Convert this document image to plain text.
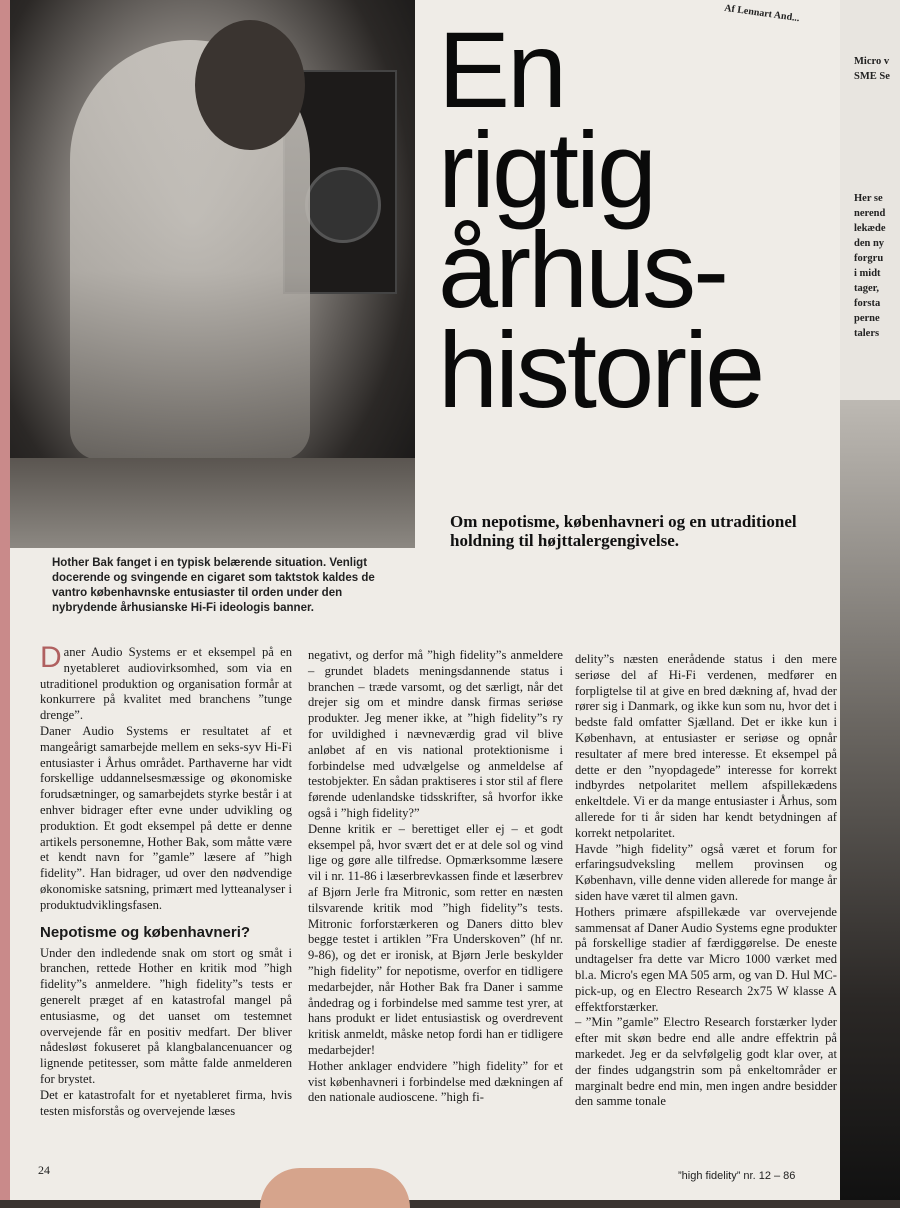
Af Lennart And...
En
rigtig
århus-
historie
Om nepotisme, københavneri og en utraditionel holdning til højttalergengivelse.
Hother Bak fanget i en typisk belærende situation. Venligt docerende og svingende en cigaret som taktstok kaldes de vantro københavnske entusiaster til orden under den nybrydende århusianske Hi-Fi ideologis banner.

Daner Audio Systems er et eksempel på en nyetableret audiovirksomhed, som via en utraditionel produktion og organisation formår at konkurrere på kvalitet med branchens ”tunge drenge”.

Daner Audio Systems er resultatet af et mangeårigt samarbejde mellem en seks-syv Hi-Fi entusiaster i Århus området. Parthaverne har vidt forskellige uddannelsesmæssige og økonomiske forudsætninger, og samarbejdets styrke består i at enhver bidrager efter evne under udvikling og produktion. Et godt eksempel på dette er denne artikels personemne, Hother Bak, som måtte være et kendt navn for ”gamle” læsere af ”high fidelity”. Han bidrager, ud over den nødvendige økonomiske satsning, primært med lytteanalyser i produktudviklingsfasen.

Nepotisme og københavneri?

Under den indledende snak om stort og småt i branchen, rettede Hother en kritik mod ”high fidelity”s anmeldere. ”high fidelity”s tests er generelt præget af en katastrofal mangel på entusiasme, og det uanset om testemnet overvejende får en positiv medfart. Der bliver nådesløst fokuseret på klangbalancenuancer og lignende petitesser, som måtte falde anmelderen for brystet.

Det er katastrofalt for et nyetableret firma, hvis testen misforstås og overvejende læses

negativt, og derfor må ”high fidelity”s anmeldere – grundet bladets meningsdannende status i branchen – træde varsomt, og det særligt, når det drejer sig om et mindre dansk firmas seriøse produkter. Jeg mener ikke, at ”high fidelity”s ry for uvildighed i nævneværdig grad vil blive anløbet af en vis national protektionisme i forbindelse med udvælgelse og anmeldelse af testobjekter. En sådan praktiseres i stor stil af flere førende udenlandske tidsskrifter, så hvorfor ikke også i ”high fidelity?”

Denne kritik er – berettiget eller ej – et godt eksempel på, hvor svært det er at dele sol og vind lige og gøre alle tilfredse. Opmærksomme læsere vil i nr. 11-86 i læserbrevkassen finde et læserbrev af Bjørn Jerle fra Mitronic, som retter en næsten tilsvarende kritik mod ”high fidelity”s tests. Mitronic forforstærkeren og Daners ditto blev begge testet i artiklen ”Fra Underskoven” (hf nr. 9-86), og det er ironisk, at Bjørn Jerle beskylder ”high fidelity” for nepotisme, overfor en tidligere medarbejder, når Hother Bak fra Daner i samme åndedrag og i forbindelse med samme test yrer, at hans produkt er lidet entusiastisk og overdrevent kritisk anmeldt, måske netop fordi han er tidligere medarbejder!

Hother anklager endvidere ”high fidelity” for et vist københavneri i forbindelse med dækningen af den nationale audioscene. ”high fi-

delity”s næsten enerådende status i den mere seriøse del af Hi-Fi verdenen, medfører en forpligtelse til at give en bred dækning af, hvad der rører sig i Danmark, og ikke kun som nu, hvor det i bedste fald omfatter Sjælland. Det er ikke kun i København, at entusiaster er seriøse og opnår resultater af mere bred interesse. Et eksempel på dette er den ”nyopdagede” interesse for korrekt indbyrdes netpolaritet mellem afspillekædens enkeltdele. Vi er da mange entusiaster i Århus, som allerede for ti år siden har kendt betydningen af korrekt netpolaritet.

Havde ”high fidelity” også været et forum for erfaringsudveksling mellem provinsen og København, ville denne viden allerede for mange år siden have været til almen gavn.

Hothers primære afspillekæde var overvejende sammensat af Daner Audio Systems egne produkter på forskellige stadier af færdiggørelse. De eneste undtagelser fra dette var Micro 1000 værket med bl.a. Micro's egen MA 505 arm, og van D. Hul MC-pick-up, og en Electro Research 2x75 W klasse A effektforstærker.

– ”Min ”gamle” Electro Research forstærker lyder efter mit skøn bedre end alle andre effektrin på markedet. Jeg er da selvfølgelig godt klar over, at der findes udgangstrin som på enkeltområder er marginalt bedre end min, men ingen andre besidder den samme tonale

24	”high fidelity” nr. 12 – 86
Micro v
SME Se
Her se
nerend
lekæde
den ny
forgru
i midt
tager,
forsta
perne
talers
